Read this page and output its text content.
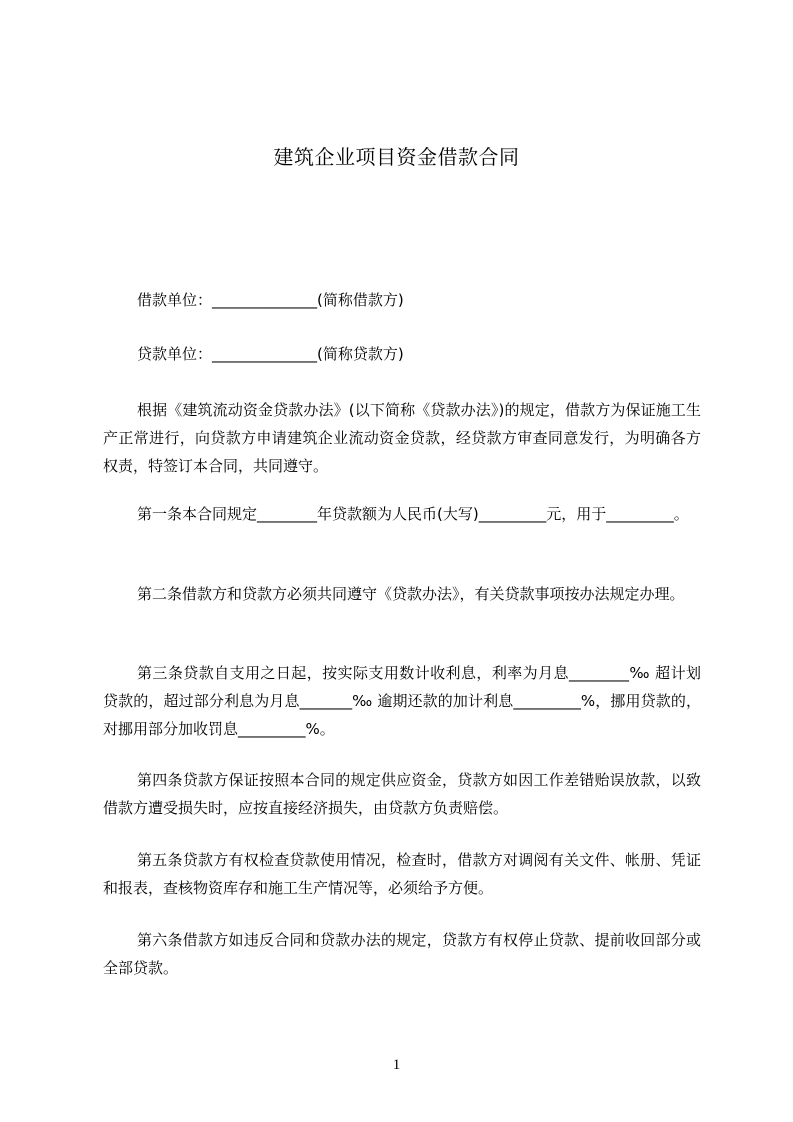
建筑企业项目资金借款合同

借款单位：______________(简称借款方)

贷款单位：______________(简称贷款方)

根据《建筑流动资金贷款办法》(以下简称《贷款办法》)的规定，借款方为保证施工生产正常进行，向贷款方申请建筑企业流动资金贷款，经贷款方审查同意发行，为明确各方权责，特签订本合同，共同遵守。

第一条本合同规定________年贷款额为人民币(大写)_________元，用于_________。

第二条借款方和贷款方必须共同遵守《贷款办法》，有关贷款事项按办法规定办理。

第三条贷款自支用之日起，按实际支用数计收利息，利率为月息________‰ 超计划贷款的，超过部分利息为月息_______‰ 逾期还款的加计利息_________%，挪用贷款的，对挪用部分加收罚息_________%。

第四条贷款方保证按照本合同的规定供应资金，贷款方如因工作差错贻误放款，以致借款方遭受损失时，应按直接经济损失，由贷款方负责赔偿。

第五条贷款方有权检查贷款使用情况，检查时，借款方对调阅有关文件、帐册、凭证和报表，查核物资库存和施工生产情况等，必须给予方便。

第六条借款方如违反合同和贷款办法的规定，贷款方有权停止贷款、提前收回部分或全部贷款。

1
